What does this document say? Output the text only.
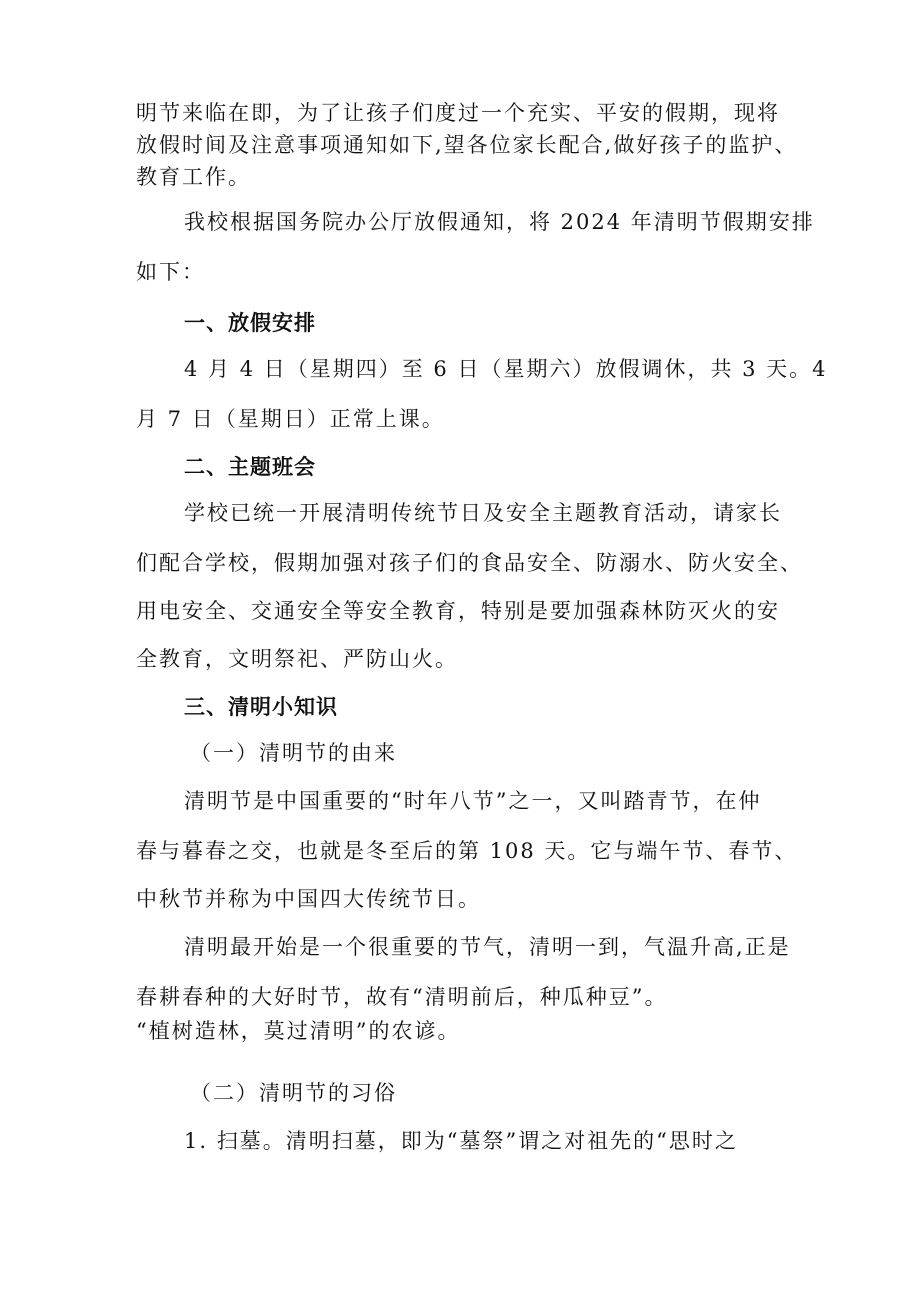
明节来临在即，为了让孩子们度过一个充实、平安的假期，现将
放假时间及注意事项通知如下,望各位家长配合,做好孩子的监护、
教育工作。
我校根据国务院办公厅放假通知，将 2024 年清明节假期安排
如下：
一、放假安排
4 月 4 日（星期四）至 6 日（星期六）放假调休，共 3 天。4
月 7 日（星期日）正常上课。
二、主题班会
学校已统一开展清明传统节日及安全主题教育活动，请家长
们配合学校，假期加强对孩子们的食品安全、防溺水、防火安全、
用电安全、交通安全等安全教育，特别是要加强森林防灭火的安
全教育，文明祭祀、严防山火。
三、清明小知识
（一）清明节的由来
清明节是中国重要的“时年八节”之一，又叫踏青节，在仲
春与暮春之交，也就是冬至后的第 108 天。它与端午节、春节、
中秋节并称为中国四大传统节日。
清明最开始是一个很重要的节气，清明一到，气温升高,正是
春耕春种的大好时节，故有“清明前后，种瓜种豆”。
“植树造林，莫过清明”的农谚。
（二）清明节的习俗
1. 扫墓。清明扫墓，即为“墓祭”谓之对祖先的“思时之
